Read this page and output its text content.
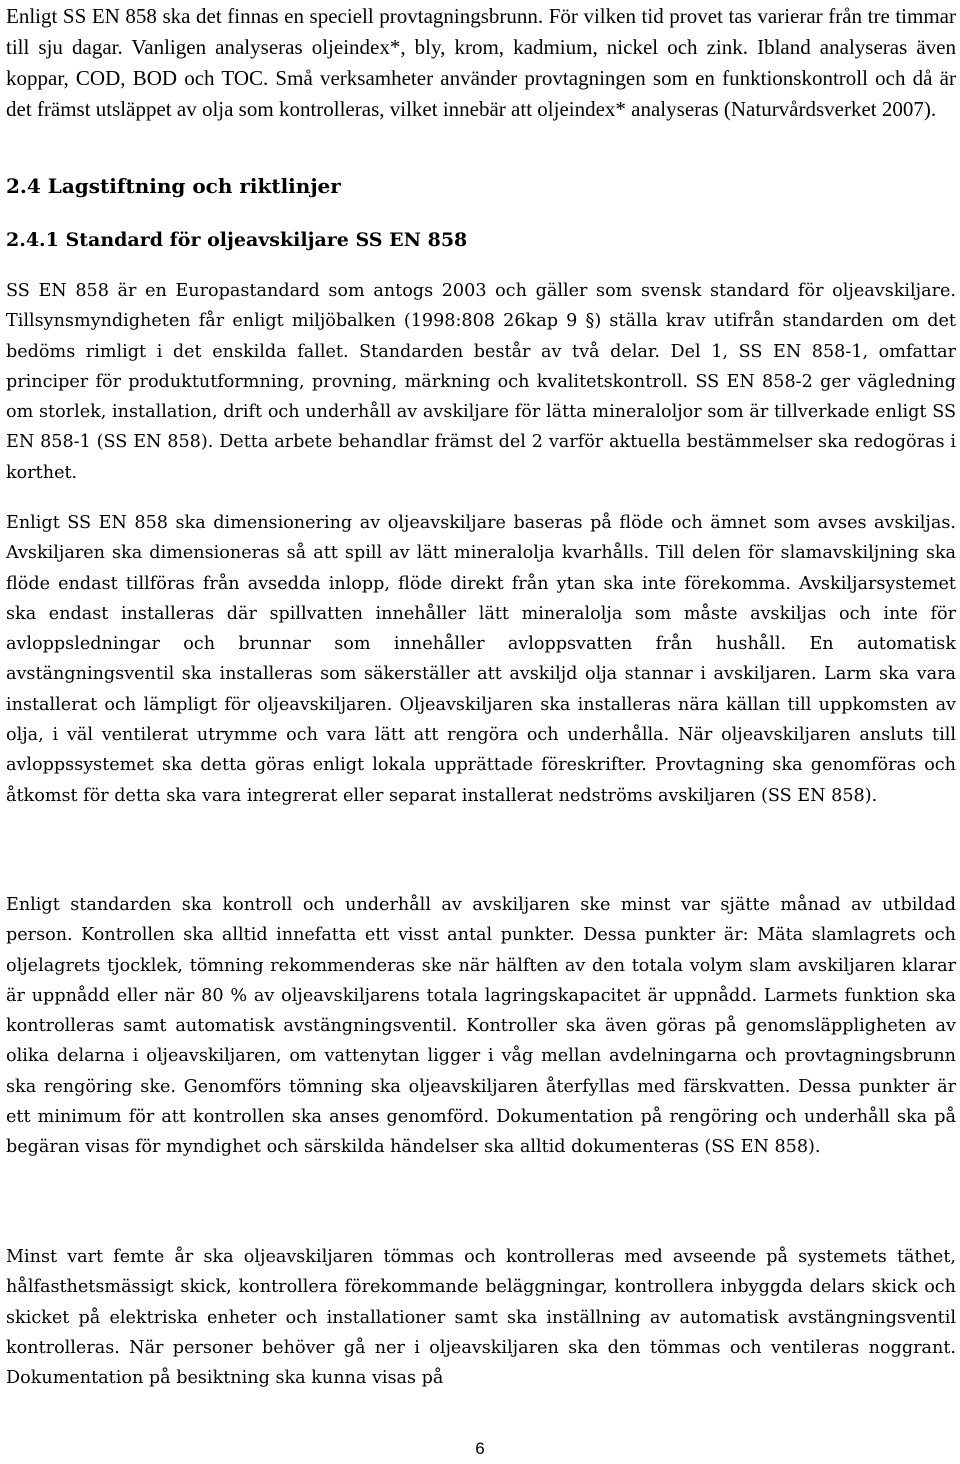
Enligt SS EN 858 ska det finnas en speciell provtagningsbrunn. För vilken tid provet tas varierar från tre timmar till sju dagar. Vanligen analyseras oljeindex*, bly, krom, kadmium, nickel och zink. Ibland analyseras även koppar, COD, BOD och TOC. Små verksamheter använder provtagningen som en funktionskontroll och då är det främst utsläppet av olja som kontrolleras, vilket innebär att oljeindex* analyseras (Naturvårdsverket 2007).

2.4 Lagstiftning och riktlinjer
2.4.1 Standard för oljeavskiljare SS EN 858

SS EN 858 är en Europastandard som antogs 2003 och gäller som svensk standard för oljeavskiljare. Tillsynsmyndigheten får enligt miljöbalken (1998:808 26kap 9 §) ställa krav utifrån standarden om det bedöms rimligt i det enskilda fallet. Standarden består av två delar. Del 1, SS EN 858-1, omfattar principer för produktutformning, provning, märkning och kvalitetskontroll. SS EN 858-2 ger vägledning om storlek, installation, drift och underhåll av avskiljare för lätta mineraloljor som är tillverkade enligt SS EN 858-1 (SS EN 858). Detta arbete behandlar främst del 2 varför aktuella bestämmelser ska redogöras i korthet.

Enligt SS EN 858 ska dimensionering av oljeavskiljare baseras på flöde och ämnet som avses avskiljas. Avskiljaren ska dimensioneras så att spill av lätt mineralolja kvarhålls. Till delen för slamavskiljning ska flöde endast tillföras från avsedda inlopp, flöde direkt från ytan ska inte förekomma. Avskiljarsystemet ska endast installeras där spillvatten innehåller lätt mineralolja som måste avskiljas och inte för avloppsledningar och brunnar som innehåller avloppsvatten från hushåll. En automatisk avstängningsventil ska installeras som säkerställer att avskiljd olja stannar i avskiljaren. Larm ska vara installerat och lämpligt för oljeavskiljaren. Oljeavskiljaren ska installeras nära källan till uppkomsten av olja, i väl ventilerat utrymme och vara lätt att rengöra och underhålla. När oljeavskiljaren ansluts till avloppssystemet ska detta göras enligt lokala upprättade föreskrifter. Provtagning ska genomföras och åtkomst för detta ska vara integrerat eller separat installerat nedströms avskiljaren (SS EN 858).

Enligt standarden ska kontroll och underhåll av avskiljaren ske minst var sjätte månad av utbildad person. Kontrollen ska alltid innefatta ett visst antal punkter. Dessa punkter är: Mäta slamlagrets och oljelagrets tjocklek, tömning rekommenderas ske när hälften av den totala volym slam avskiljaren klarar är uppnådd eller när 80 % av oljeavskiljarens totala lagringskapacitet är uppnådd. Larmets funktion ska kontrolleras samt automatisk avstängningsventil. Kontroller ska även göras på genomsläppligheten av olika delarna i oljeavskiljaren, om vattenytan ligger i våg mellan avdelningarna och provtagningsbrunn ska rengöring ske. Genomförs tömning ska oljeavskiljaren återfyllas med färskvatten. Dessa punkter är ett minimum för att kontrollen ska anses genomförd. Dokumentation på rengöring och underhåll ska på begäran visas för myndighet och särskilda händelser ska alltid dokumenteras (SS EN 858).

Minst vart femte år ska oljeavskiljaren tömmas och kontrolleras med avseende på systemets täthet, hålfasthetsmässigt skick, kontrollera förekommande beläggningar, kontrollera inbyggda delars skick och skicket på elektriska enheter och installationer samt ska inställning av automatisk avstängningsventil kontrolleras. När personer behöver gå ner i oljeavskiljaren ska den tömmas och ventileras noggrant. Dokumentation på besiktning ska kunna visas på

6
